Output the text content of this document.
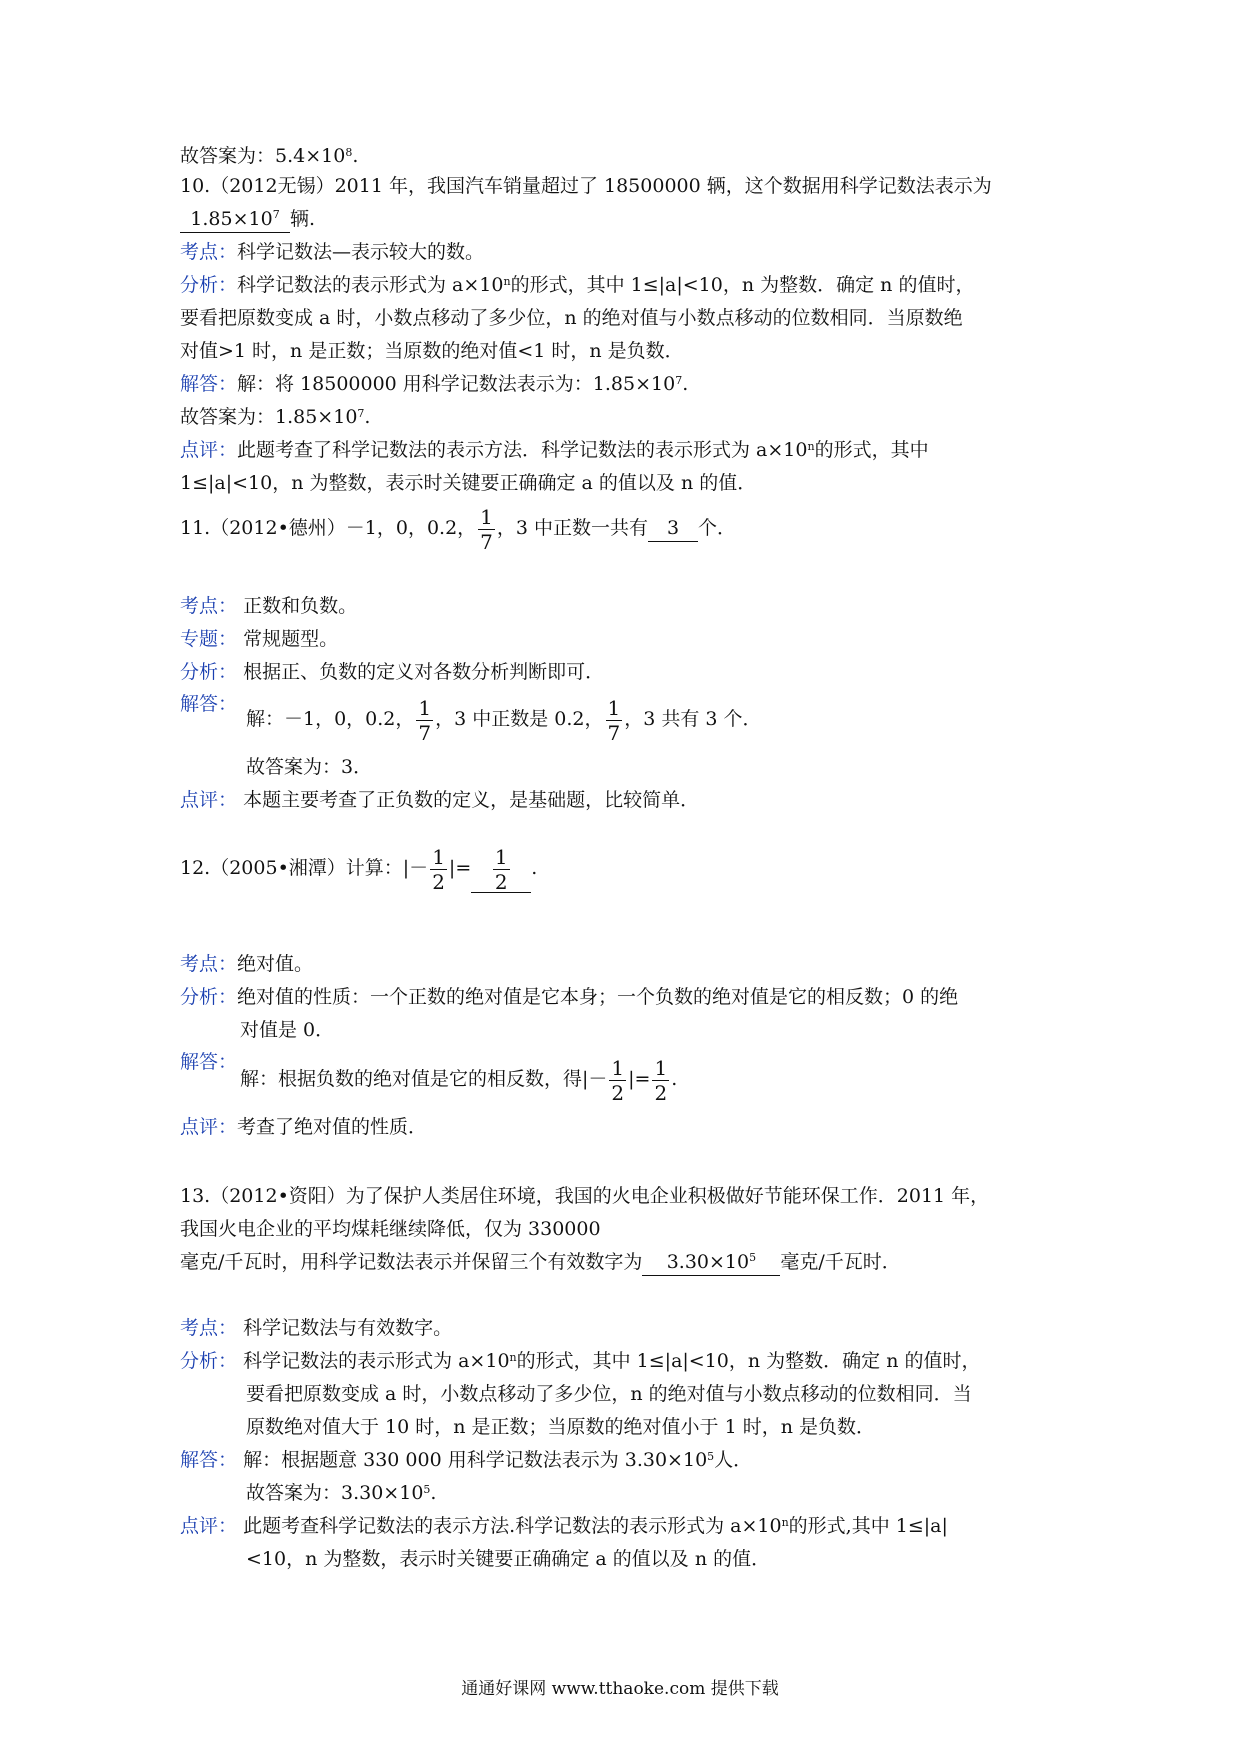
故答案为：$5.4\times 10^8$.
10.（2012无锡）2011 年，我国汽车销量超过了 18500000 辆，这个数据用科学记数法表示为
$1.85\times 10^7$ 辆.
考点：科学记数法—表示较大的数。
分析：科学记数法的表示形式为 $a\times 10^n$的形式，其中 1≤|a|<10，n 为整数．确定 n 的值时，
要看把原数变成 a 时，小数点移动了多少位，n 的绝对值与小数点移动的位数相同．当原数绝
对值>1 时，n 是正数；当原数的绝对值<1 时，n 是负数．
解答：解：将 18500000 用科学记数法表示为：$1.85\times 10^7$.
故答案为：$1.85\times 10^7$.
点评：此题考查了科学记数法的表示方法．科学记数法的表示形式为 $a\times 10^n$的形式，其中
1≤|a|<10，n 为整数，表示时关键要正确确定 a 的值以及 n 的值．
11.（2012•德州）－1，0，0.2， $\frac{1}{7}$ ，3 中正数一共有 3 个．
考点： 正数和负数。
专题： 常规题型。
分析： 根据正、负数的定义对各数分析判断即可．
解答：
解：－1，0，0.2， $\frac{1}{7}$ ，3 中正数是 0.2， $\frac{1}{7}$ ，3 共有 3 个．
故答案为：3．
点评： 本题主要考查了正负数的定义，是基础题，比较简单．
12.（2005•湘潭）计算：|－ $\frac{1}{2}$ |= $\frac{1}{2}$ .
考点：绝对值。
分析：绝对值的性质：一个正数的绝对值是它本身；一个负数的绝对值是它的相反数；0 的绝
对值是 0．
解答：
解：根据负数的绝对值是它的相反数，得|－ $\frac{1}{2}$ |= $\frac{1}{2}$ .
点评：考查了绝对值的性质．
13.（2012•资阳）为了保护人类居住环境，我国的火电企业积极做好节能环保工作．2011 年，
我国火电企业的平均煤耗继续降低，仅为 330000
毫克/千瓦时，用科学记数法表示并保留三个有效数字为 $3.30\times 10^5$ 毫克/千瓦时．
考点： 科学记数法与有效数字。
分析： 科学记数法的表示形式为 $a\times 10^n$的形式，其中 1≤|a|<10，n 为整数．确定 n 的值时，
要看把原数变成 a 时，小数点移动了多少位，n 的绝对值与小数点移动的位数相同．当
原数绝对值大于 10 时，n 是正数；当原数的绝对值小于 1 时，n 是负数．
解答： 解：根据题意 330 000 用科学记数法表示为 $3.30\times 10^5$人．
故答案为：$3.30\times 10^5$.
点评： 此题考查科学记数法的表示方法.科学记数法的表示形式为 $a\times 10^n$的形式,其中 1≤|a|
<10，n 为整数，表示时关键要正确确定 a 的值以及 n 的值．
通通好课网 www.tthaoke.com 提供下载
